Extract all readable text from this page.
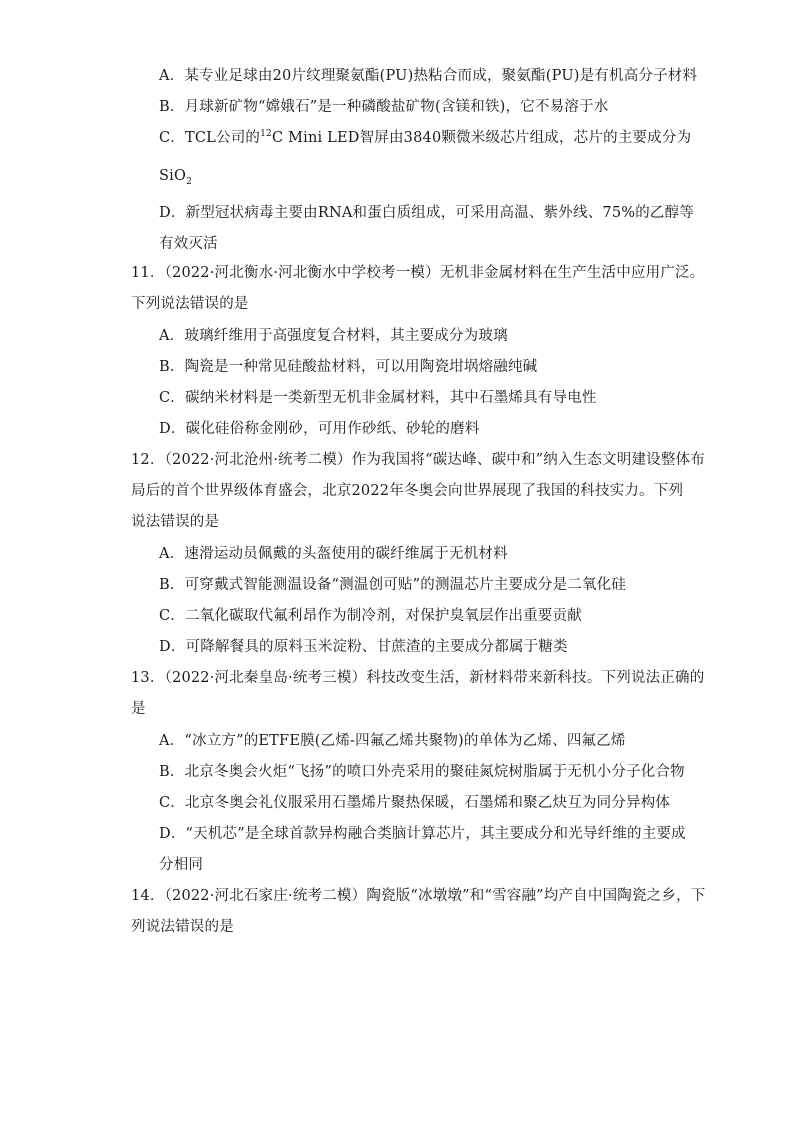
A．某专业足球由20片纹理聚氨酯(PU)热粘合而成，聚氨酯(PU)是有机高分子材料
B．月球新矿物“嫦娥石”是一种磷酸盐矿物(含镁和铁)，它不易溶于水
C．TCL公司的$^{12}$C Mini LED智屏由3840颗微米级芯片组成，芯片的主要成分为
SiO$_2$
D．新型冠状病毒主要由RNA和蛋白质组成，可采用高温、紫外线、75%的乙醇等
有效灭活
11．（2022·河北衡水·河北衡水中学校考一模）无机非金属材料在生产生活中应用广泛。
下列说法错误的是
A．玻璃纤维用于高强度复合材料，其主要成分为玻璃
B．陶瓷是一种常见硅酸盐材料，可以用陶瓷坩埚熔融纯碱
C．碳纳米材料是一类新型无机非金属材料，其中石墨烯具有导电性
D．碳化硅俗称金刚砂，可用作砂纸、砂轮的磨料
12．（2022·河北沧州·统考二模）作为我国将“碳达峰、碳中和”纳入生态文明建设整体布
局后的首个世界级体育盛会，北京2022年冬奥会向世界展现了我国的科技实力。下列
说法错误的是
A．速滑运动员佩戴的头盔使用的碳纤维属于无机材料
B．可穿戴式智能测温设备“测温创可贴”的测温芯片主要成分是二氧化硅
C．二氧化碳取代氟利昂作为制冷剂，对保护臭氧层作出重要贡献
D．可降解餐具的原料玉米淀粉、甘蔗渣的主要成分都属于糖类
13．（2022·河北秦皇岛·统考三模）科技改变生活，新材料带来新科技。下列说法正确的
是
A．“冰立方”的ETFE膜(乙烯-四氟乙烯共聚物)的单体为乙烯、四氟乙烯
B．北京冬奥会火炬“飞扬”的喷口外壳采用的聚硅氮烷树脂属于无机小分子化合物
C．北京冬奥会礼仪服采用石墨烯片聚热保暖，石墨烯和聚乙炔互为同分异构体
D．“天机芯”是全球首款异构融合类脑计算芯片，其主要成分和光导纤维的主要成
分相同
14．（2022·河北石家庄·统考二模）陶瓷版“冰墩墩”和“雪容融”均产自中国陶瓷之乡，下
列说法错误的是
